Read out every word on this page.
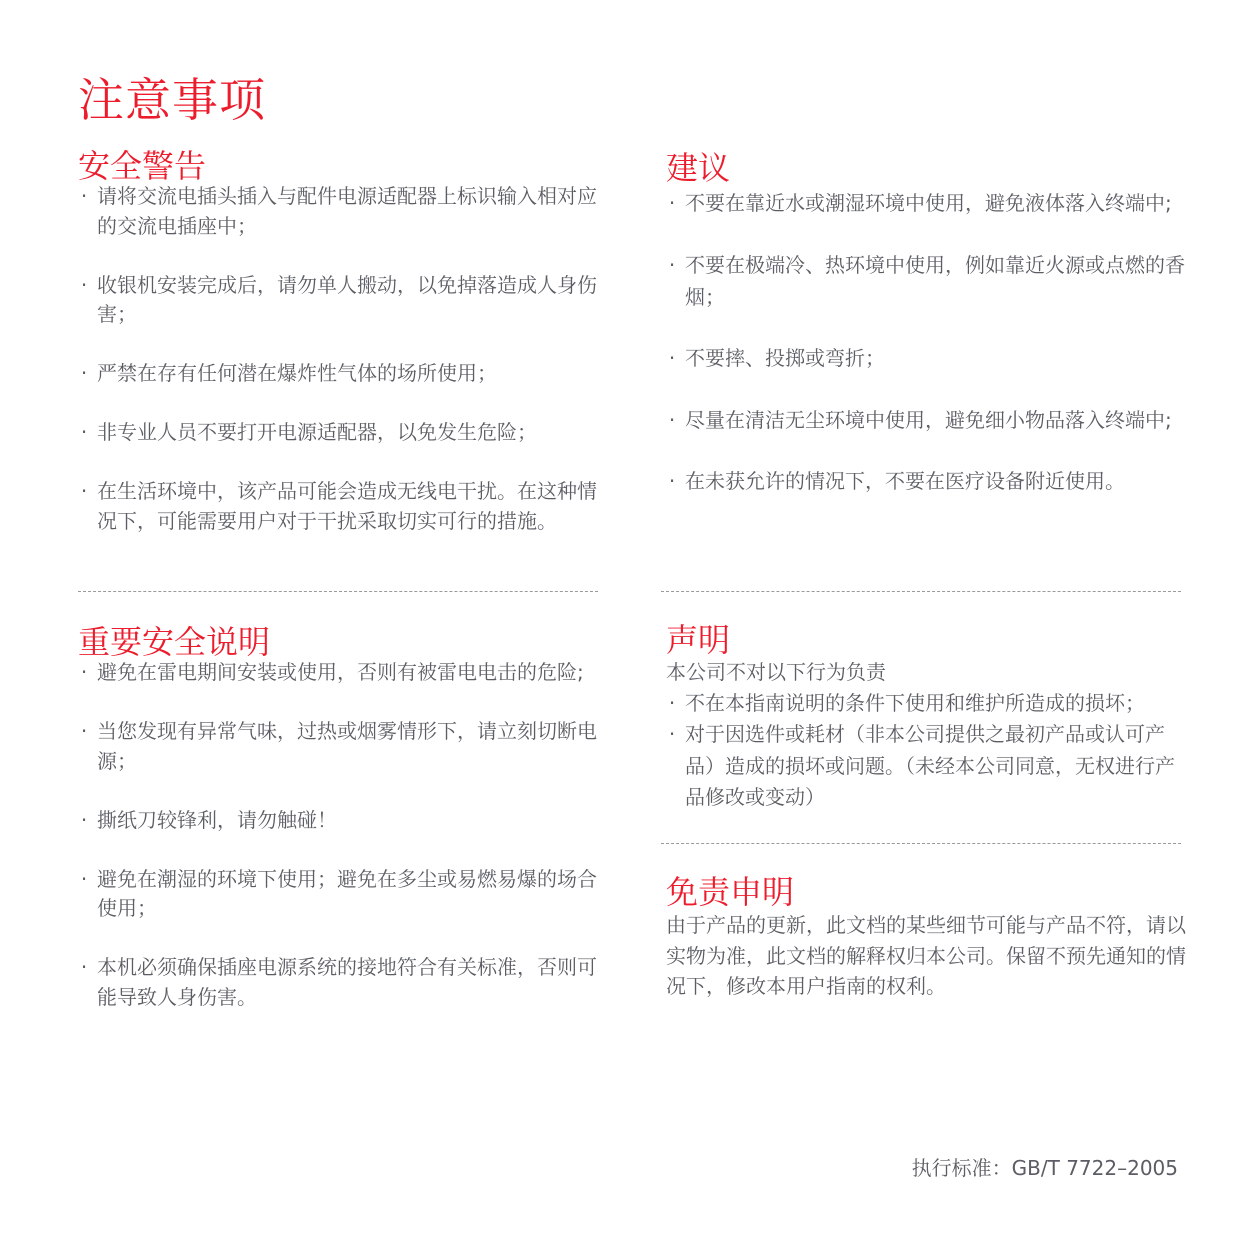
注意事项
安全警告
· 请将交流电插头插入与配件电源适配器上标识输入相对应的交流电插座中；
· 收银机安装完成后，请勿单人搬动，以免掉落造成人身伤害；
· 严禁在存有任何潜在爆炸性气体的场所使用；
· 非专业人员不要打开电源适配器，以免发生危险；
· 在生活环境中，该产品可能会造成无线电干扰。在这种情况下，可能需要用户对于干扰采取切实可行的措施。
重要安全说明
· 避免在雷电期间安装或使用，否则有被雷电电击的危险;
· 当您发现有异常气味，过热或烟雾情形下，请立刻切断电源；
· 撕纸刀较锋利，请勿触碰！
· 避免在潮湿的环境下使用；避免在多尘或易燃易爆的场合使用；
· 本机必须确保插座电源系统的接地符合有关标准，否则可能导致人身伤害。
建议
· 不要在靠近水或潮湿环境中使用，避免液体落入终端中;
· 不要在极端冷、热环境中使用，例如靠近火源或点燃的香烟；
· 不要摔、投掷或弯折；
· 尽量在清洁无尘环境中使用，避免细小物品落入终端中;
· 在未获允许的情况下，不要在医疗设备附近使用。
声明

本公司不对以下行为负责

· 不在本指南说明的条件下使用和维护所造成的损坏；
· 对于因选件或耗材（非本公司提供之最初产品或认可产品）造成的损坏或问题。（未经本公司同意，无权进行产品修改或变动）
免责申明

由于产品的更新，此文档的某些细节可能与产品不符，请以实物为准，此文档的解释权归本公司。保留不预先通知的情况下，修改本用户指南的权利。

执行标准：GB/T 7722–2005
